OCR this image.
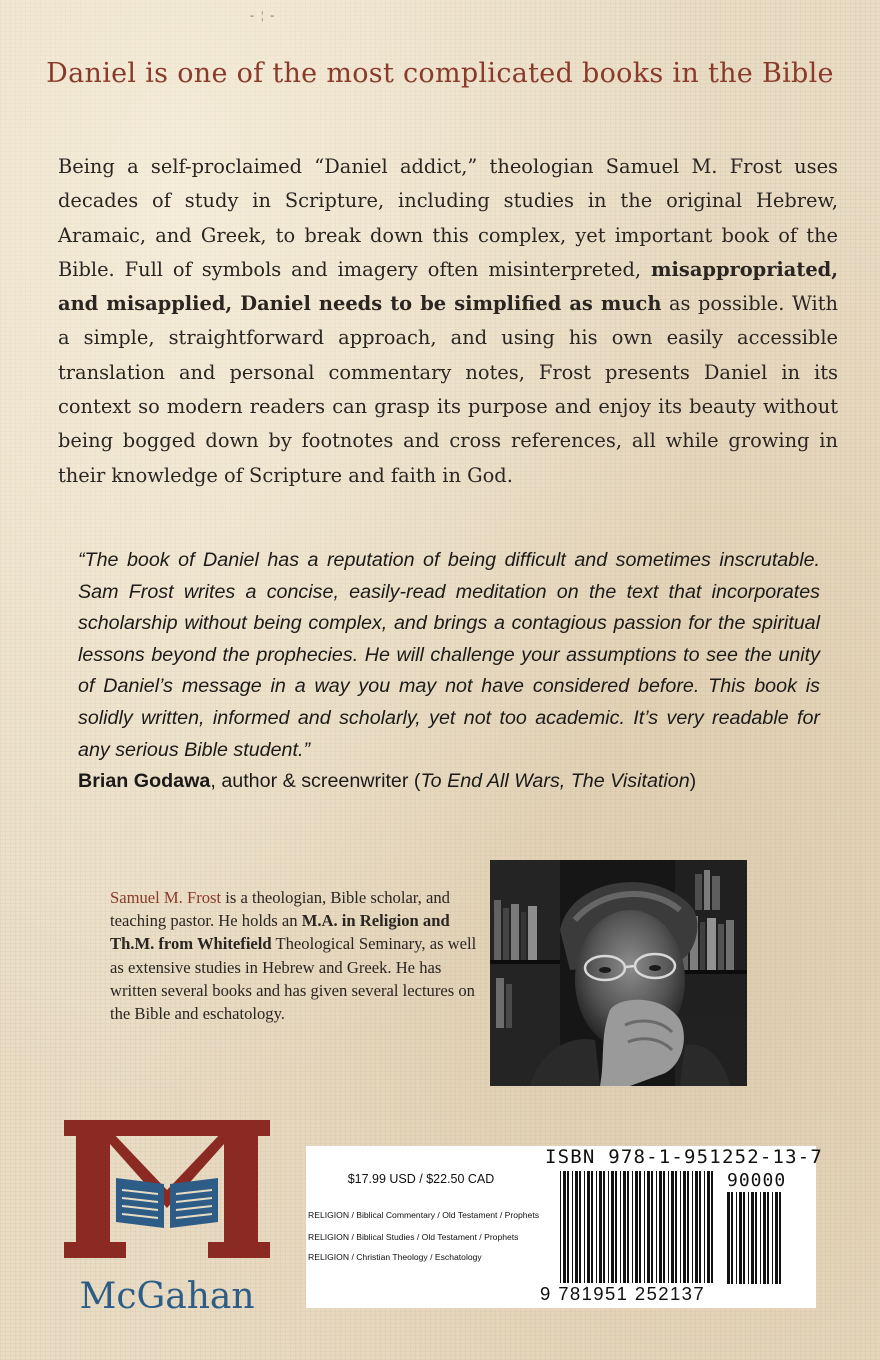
- ¦ -
Daniel is one of the most complicated books in the Bible

Being a self-proclaimed “Daniel addict,” theologian Samuel M. Frost uses decades of study in Scripture, including studies in the original Hebrew, Aramaic, and Greek, to break down this complex, yet important book of the Bible. Full of symbols and imagery often misinterpreted, misappropriated, and misapplied, Daniel needs to be simplified as much as possible. With a simple, straightforward approach, and using his own easily accessible translation and personal commentary notes, Frost presents Daniel in its context so modern readers can grasp its purpose and enjoy its beauty without being bogged down by footnotes and cross references, all while growing in their knowledge of Scripture and faith in God.

“The book of Daniel has a reputation of being difficult and sometimes inscrutable. Sam Frost writes a concise, easily-read meditation on the text that incorporates scholarship without being complex, and brings a contagious passion for the spiritual lessons beyond the prophecies. He will challenge your assumptions to see the unity of Daniel’s message in a way you may not have considered before. This book is solidly written, informed and scholarly, yet not too academic. It’s very readable for any serious Bible student.”
Brian Godawa, author & screenwriter (To End All Wars, The Visitation)

Samuel M. Frost is a theologian, Bible scholar, and teaching pastor. He holds an M.A. in Religion and Th.M. from Whitefield Theological Seminary, as well as extensive studies in Hebrew and Greek. He has written several books and has given several lectures on the Bible and eschatology.

McGahan
$17.99 USD / $22.50 CAD
RELIGION / Biblical Commentary / Old Testament / Prophets
RELIGION / Biblical Studies / Old Testament / Prophets
RELIGION / Christian Theology / Eschatology
ISBN 978-1-951252-13-7
90000
9 781951 252137
